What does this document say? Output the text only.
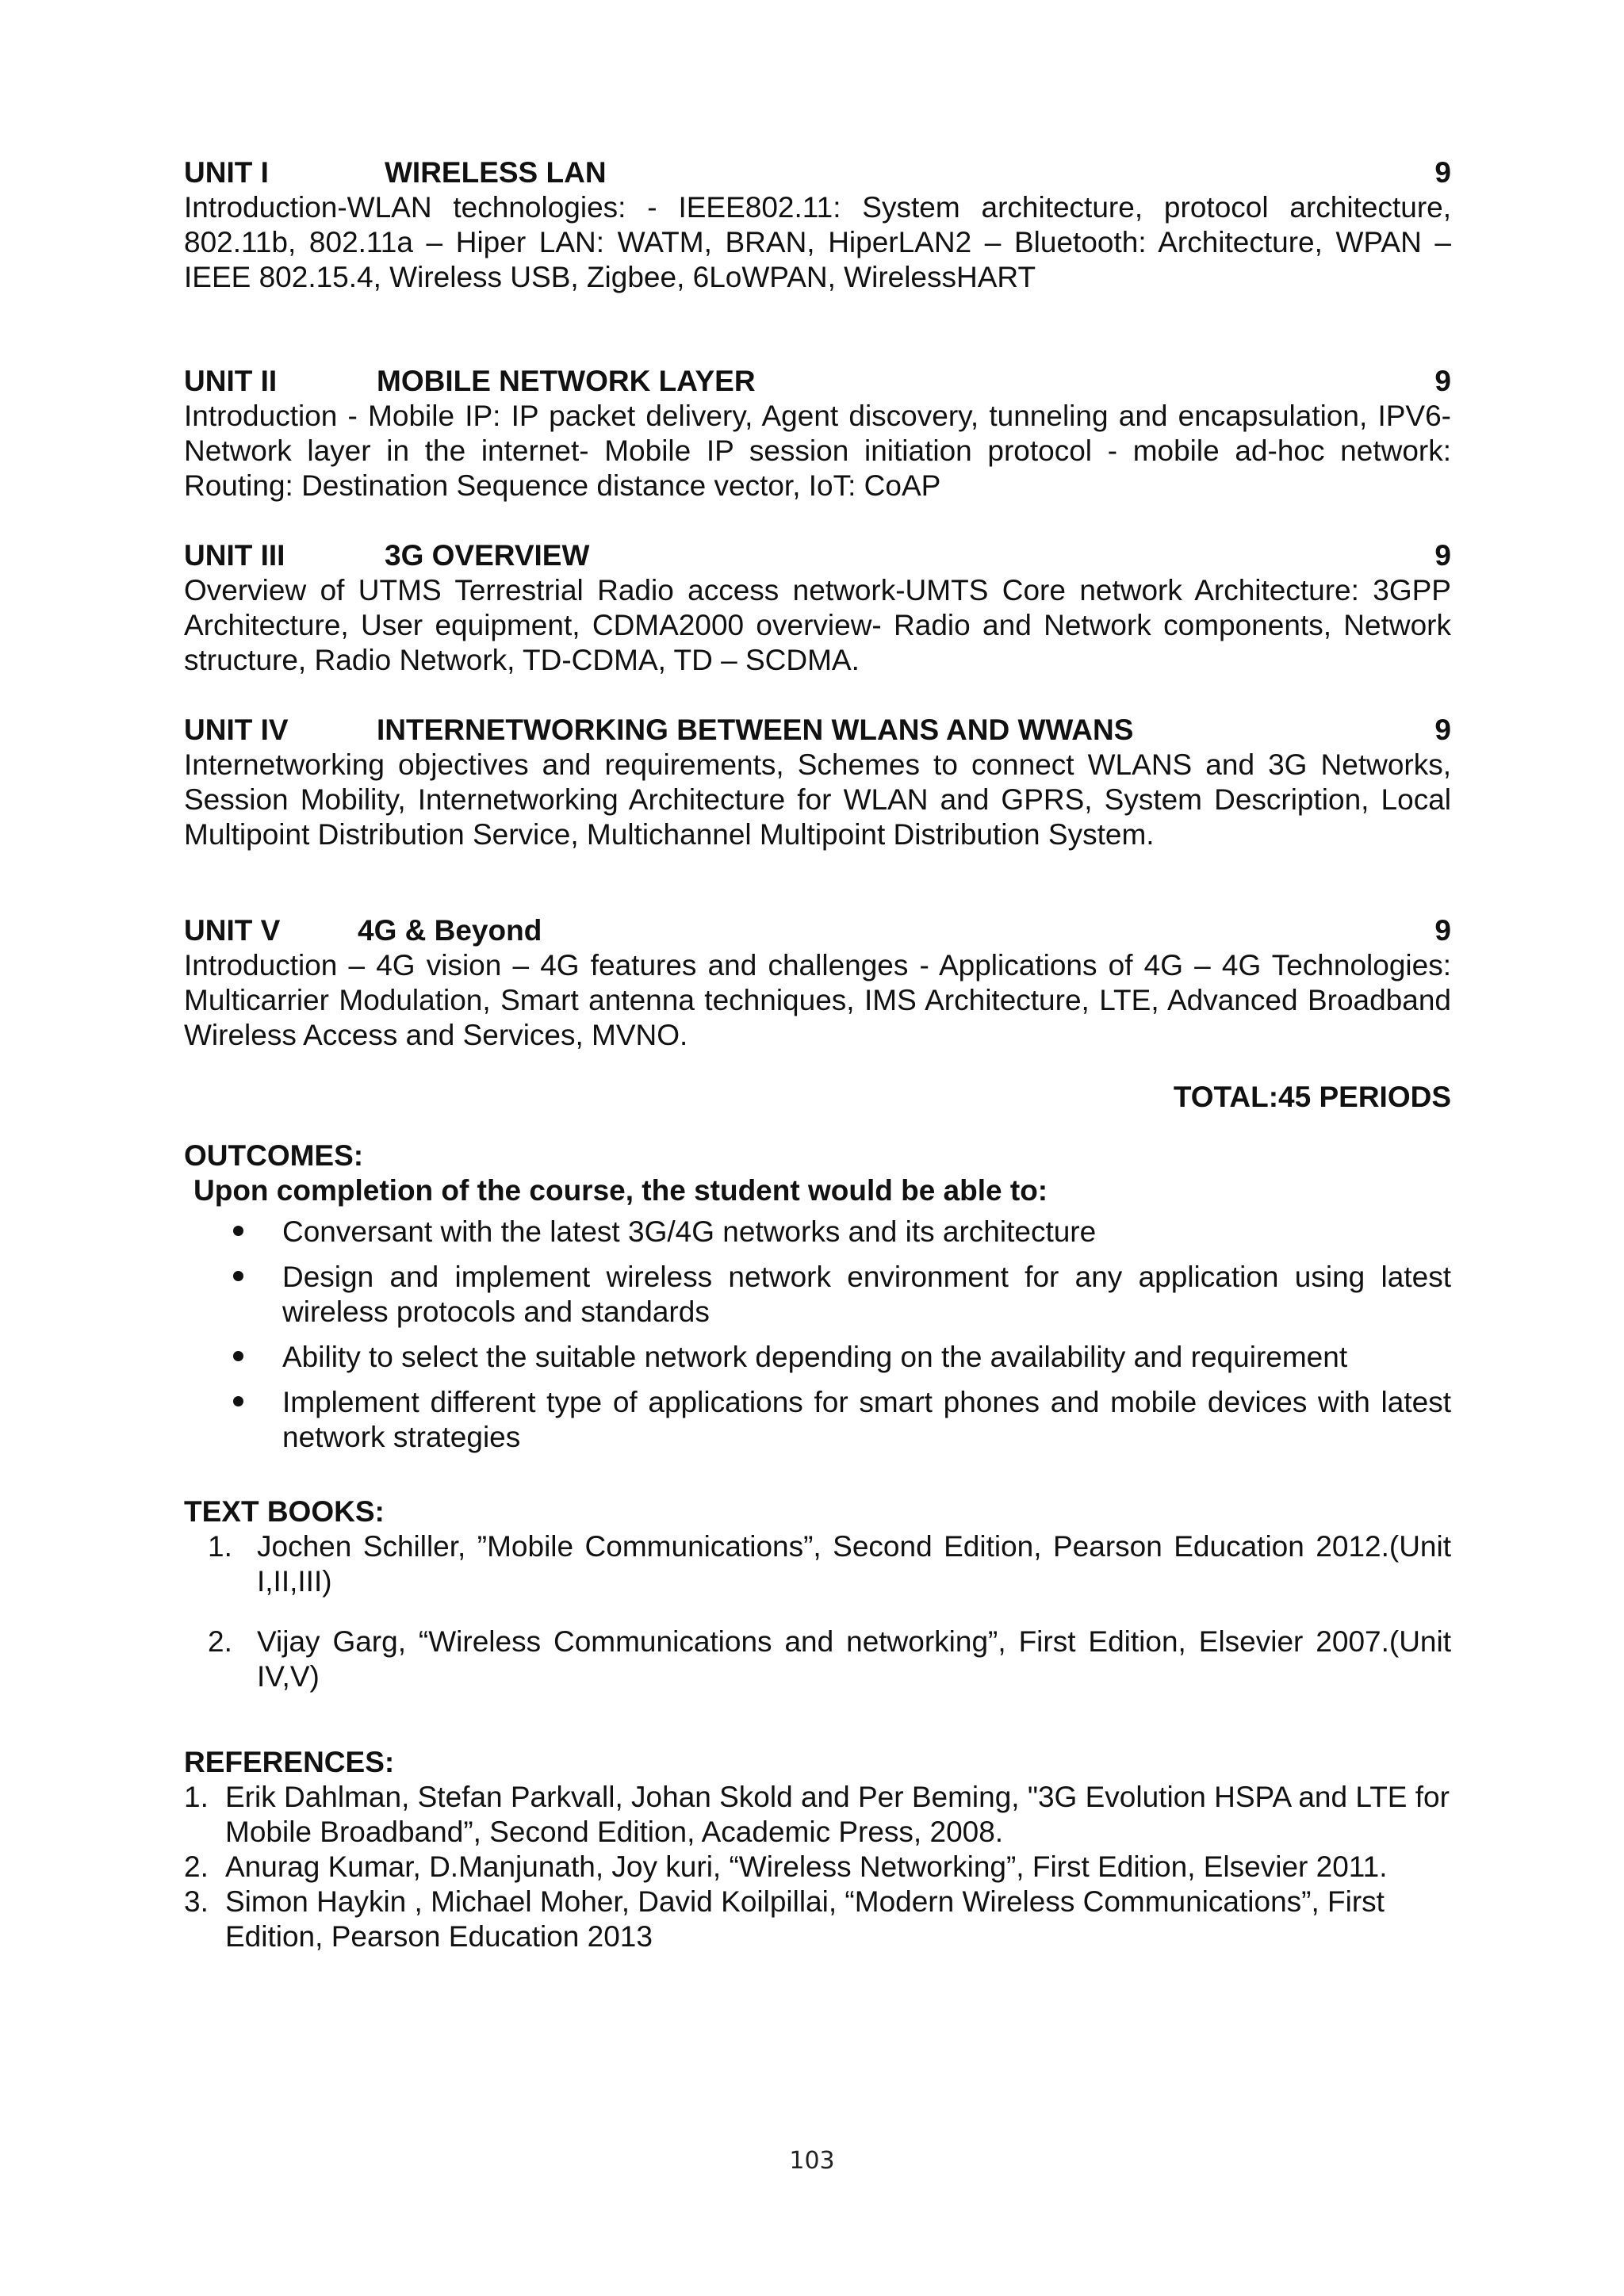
UNIT I	WIRELESS LAN	9

Introduction-WLAN technologies: - IEEE802.11: System architecture, protocol architecture, 802.11b, 802.11a – Hiper LAN: WATM, BRAN, HiperLAN2 – Bluetooth: Architecture, WPAN – IEEE 802.15.4, Wireless USB, Zigbee, 6LoWPAN, WirelessHART

UNIT II	MOBILE NETWORK LAYER	9

Introduction - Mobile IP: IP packet delivery, Agent discovery, tunneling and encapsulation, IPV6-Network layer in the internet- Mobile IP session initiation protocol - mobile ad-hoc network: Routing: Destination Sequence distance vector, IoT: CoAP

UNIT III	3G OVERVIEW	9

Overview of UTMS Terrestrial Radio access network-UMTS Core network Architecture: 3GPP Architecture, User equipment, CDMA2000 overview- Radio and Network components, Network structure, Radio Network, TD-CDMA, TD – SCDMA.

UNIT IV	INTERNETWORKING BETWEEN WLANS AND WWANS	9

Internetworking objectives and requirements, Schemes to connect WLANS and 3G Networks, Session Mobility, Internetworking Architecture for WLAN and GPRS, System Description, Local Multipoint Distribution Service, Multichannel Multipoint Distribution System.

UNIT V	4G & Beyond	9

Introduction – 4G vision – 4G features and challenges - Applications of 4G – 4G Technologies: Multicarrier Modulation, Smart antenna techniques, IMS Architecture, LTE, Advanced Broadband Wireless Access and Services, MVNO.

TOTAL:45 PERIODS

OUTCOMES:

Upon completion of the course, the student would be able to:

Conversant with the latest 3G/4G networks and its architecture
Design and implement wireless network environment for any application using latest wireless protocols and standards
Ability to select the suitable network depending on the availability and requirement
Implement different type of applications for smart phones and mobile devices with latest network strategies

TEXT BOOKS:

1. Jochen Schiller, ”Mobile Communications”, Second Edition, Pearson Education 2012.(Unit I,II,III)
2. Vijay Garg, “Wireless Communications and networking”, First Edition, Elsevier 2007.(Unit IV,V)

REFERENCES:

1. Erik Dahlman, Stefan Parkvall, Johan Skold and Per Beming, "3G Evolution HSPA and LTE for Mobile Broadband”, Second Edition, Academic Press, 2008.
2. Anurag Kumar, D.Manjunath, Joy kuri, “Wireless Networking”, First Edition, Elsevier 2011.
3. Simon Haykin , Michael Moher, David Koilpillai, “Modern Wireless Communications”, First Edition, Pearson Education 2013
103
